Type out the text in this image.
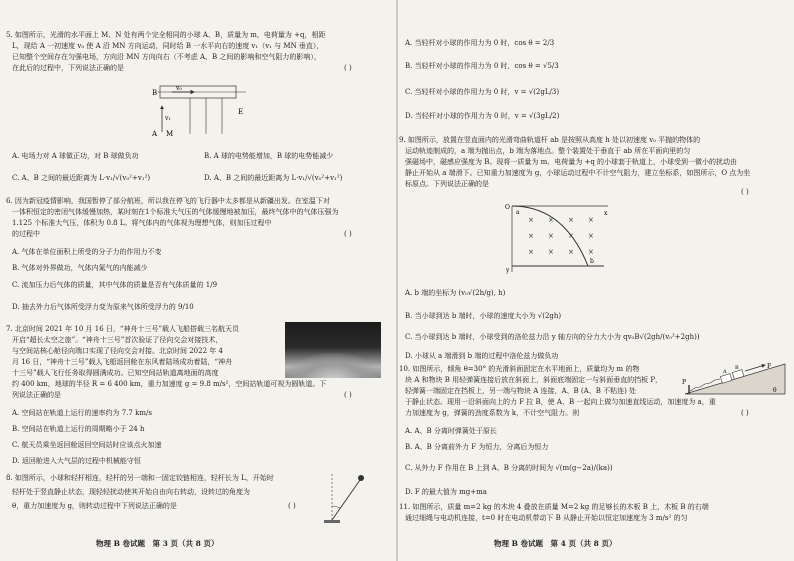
5. 如图所示，光滑的水平面上 M、N 处有两个完全相同的小球 A、B，质量为 m，电荷量为 +q，相距
L，现给 A 一初速度 v₀ 使 A 沿 MN 方向运动，同时给 B 一水平向右的速度 v₁（v₁ 与 MN 垂直），
已知整个空间存在匀强电场，方向沿 MN 方向向右（不考虑 A、B 之间的影响和空气阻力的影响），
在此后的过程中，下列说法正确的是	( )
B
A M
E
v₀
v₁
A. 电场力对 A 球做正功，对 B 球做负功	B. A 球的电势能增加，B 球的电势能减少
C. A、B 之间的最近距离为 L·v₁/√(v₀²+v₁²)	D. A、B 之间的最近距离为 L·v₁/√(v₀²+v₁²)
6. 因为新冠疫情影响，我国暂停了部分航班，所以我在停飞的飞行器中太多都是从新疆出发。在室温下对
一体积恒定的密闭气体缓慢加热，某时刻在1个标准大气压的气体缓慢地被加压，最终气体中的气体压强为
1.125 个标准大气压，体积为 0.8 L。将气体内的气体视为理想气体，则加压过程中
的过程中	( )
A. 气体在单位面积上所受的分子力的作用力不变
B. 气体对外界做功，气体内氮气的内能减少
C. 流加压力后气体的质量，其中气体的质量是否有气体质量的 1/9
D. 抽去外力后气体所受浮力变为原来气体所受浮力的 9/10
7. 北京时间 2021 年 10 月 16 日，“神舟十三号”载人飞船搭载三名航天员
开启“超长太空之旅”。“神舟十三号”首次验证了径向交会对接技术，
与空间站核心舱径向端口实现了径向交会对接。北京时间 2022 年 4
月 16 日，“神舟十三号”载人飞船返回舱在东风着陆场成功着陆，“神舟
十三号”载人飞行任务取得圆满成功。已知空间站轨道离地面的高度
约 400 km，地球的半径 R = 6 400 km，重力加速度 g = 9.8 m/s²，空间站轨道可视为圆轨道。下
列说法正确的是	( )
A. 空间站在轨道上运行的速率约为 7.7 km/s
B. 空间站在轨道上运行的周期略小于 24 h
C. 航天员乘坐返回舱返回空间站时应该点火加速
D. 返回舱进入大气层的过程中机械能守恒
8. 如图所示，小球和轻杆相连，轻杆的另一端和一固定铰链相连，轻杆长为 L，开始时
轻杆处于竖直静止状态，现轻轻扰动使其开始自由向右转动，设转过的角度为
θ，重力加速度为 g，则转动过程中下列说法正确的是	( )
物理 B 卷试题　第 3 页（共 8 页）
A. 当轻杆对小球的作用力为 0 时，cos θ = 2/3
B. 当轻杆对小球的作用力为 0 时，cos θ = √5/3
C. 当轻杆对小球的作用力为 0 时，v = √(2gL/3)
D. 当轻杆对小球的作用力为 0 时，v = √(3gL/2)
9. 如图所示，放置在竖直面内的光滑弯曲轨道杆 ab 是按照从高度 h 处以初速度 v₀ 平抛的物体的
运动轨迹制成的，a 端为抛出点，b 端为落地点。整个装置处于垂直于 ab 所在平面向里的匀
强磁场中，磁感应强度为 B。现将一质量为 m、电荷量为 +q 的小球套于轨道上，小球受到一微小的扰动由
静止开始从 a 端滑下。已知重力加速度为 g，小球运动过程中不计空气阻力，建立坐标系，如图所示，O 点为坐
标原点。下列说法正确的是
( )
O
x
y
a
b
× × × ×
× × × ×
× × × ×
A. b 端的坐标为 (v₀√(2h/g), h)
B. 当小球到达 b 端时，小球的速度大小为 √(2gh)
C. 当小球到达 b 端时，小球受到的洛伦兹力沿 y 轴方向的分力大小为 qv₀B√(2gh/(v₀²+2gh))
D. 小球从 a 端滑到 b 端的过程中洛伦兹力做负功
10. 如图所示，倾角 θ=30° 的光滑斜面固定在水平地面上，质量均为 m 的物
块 A 和物块 B 用轻弹簧连接后放在斜面上，斜面底端固定一与斜面垂直的挡板 P，
轻弹簧一端固定在挡板上，另一端与物块 A 连接，A、B (A、B 不粘连) 处
于静止状态。现用一沿斜面向上的力 F 拉 B，使 A、B 一起向上做匀加速直线运动，加速度为 a，重
力加速度为 g，弹簧的劲度系数为 k，不计空气阻力。则	( )
F
B
A
P
θ
A. A、B 分离时弹簧处于原长
B. A、B 分离前外力 F 为恒力，分离后为恒力
C. 从外力 F 作用在 B 上到 A、B 分离的时间为 √(m(g−2a)/(ka))
D. F 的最大值为 mg+ma
11. 如图所示，质量 m=2 kg 的木块 4 叠放在质量 M=2 kg 的足够长的木板 B 上，木板 B 的右端
通过细绳与电动机连接，t=0 时在电动机带动下 B 从静止开始以恒定加速度为 3 m/s² 的匀
物理 B 卷试题　第 4 页（共 8 页）
